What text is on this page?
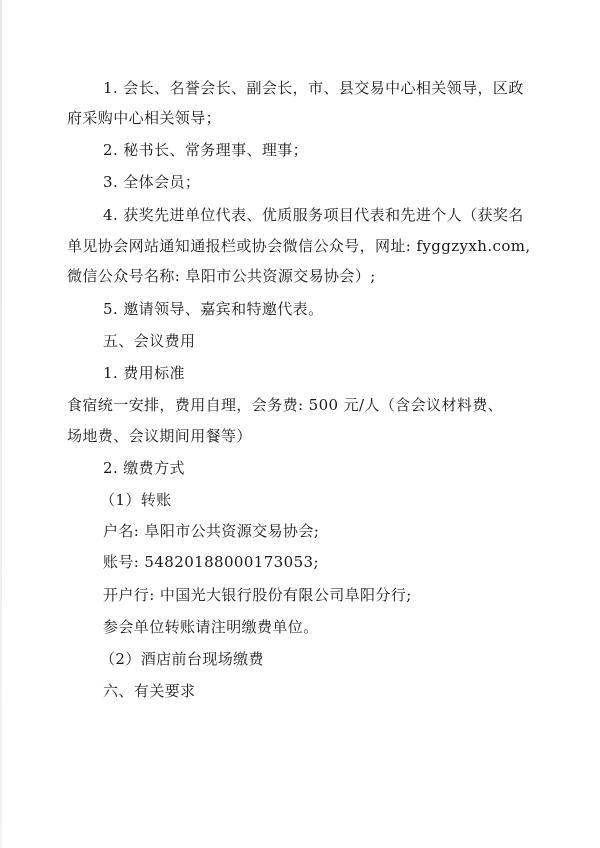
1. 会长、名誉会长、副会长，市、县交易中心相关领导，区政
府采购中心相关领导；
2. 秘书长、常务理事、理事；
3. 全体会员；
4. 获奖先进单位代表、优质服务项目代表和先进个人（获奖名
单见协会网站通知通报栏或协会微信公众号，网址: fyggzyxh.com,
微信公众号名称: 阜阳市公共资源交易协会）;
5. 邀请领导、嘉宾和特邀代表。
五、会议费用
1. 费用标准
食宿统一安排，费用自理，会务费: 500 元/人（含会议材料费、
场地费、会议期间用餐等）
2. 缴费方式
（1）转账
户名: 阜阳市公共资源交易协会;
账号: 54820188000173053;
开户行: 中国光大银行股份有限公司阜阳分行;
参会单位转账请注明缴费单位。
（2）酒店前台现场缴费
六、有关要求
